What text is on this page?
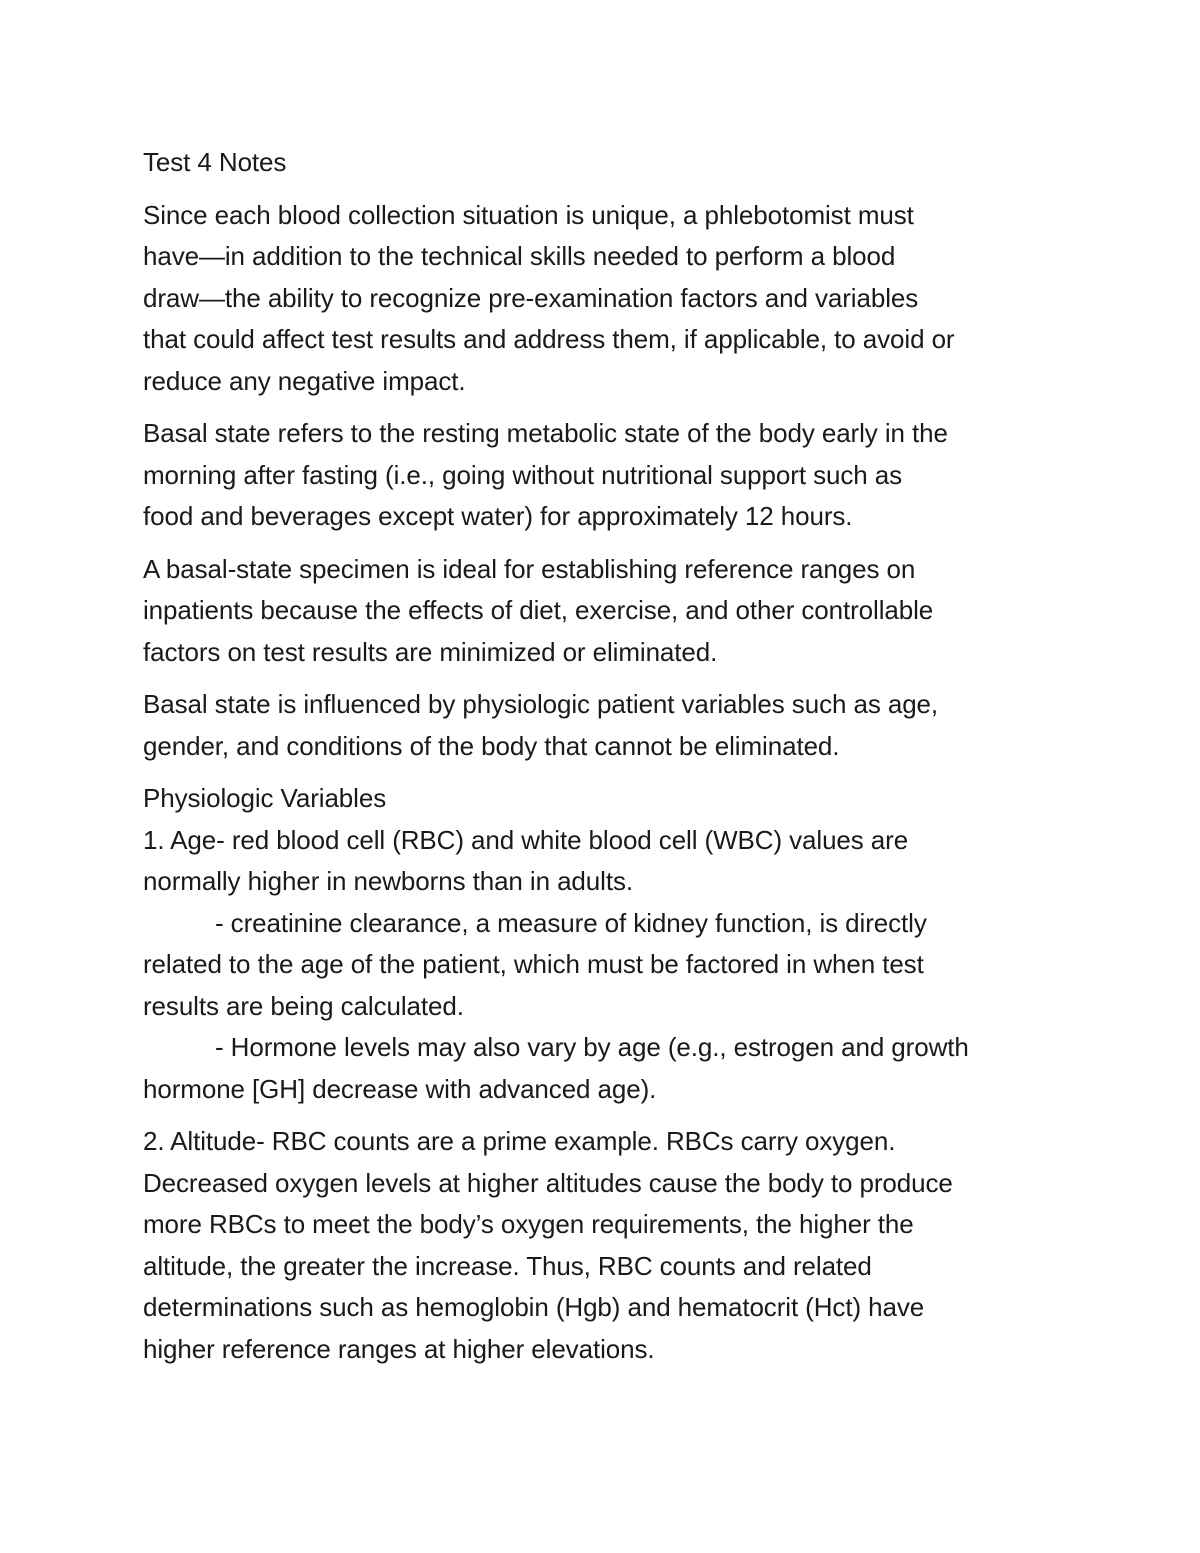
Test 4 Notes
Since each blood collection situation is unique, a phlebotomist must
have—in addition to the technical skills needed to perform a blood
draw—the ability to recognize pre-examination factors and variables
that could affect test results and address them, if applicable, to avoid or
reduce any negative impact.
Basal state refers to the resting metabolic state of the body early in the
morning after fasting (i.e., going without nutritional support such as
food and beverages except water) for approximately 12 hours.
A basal-state specimen is ideal for establishing reference ranges on
inpatients because the effects of diet, exercise, and other controllable
factors on test results are minimized or eliminated.
Basal state is influenced by physiologic patient variables such as age,
gender, and conditions of the body that cannot be eliminated.
Physiologic Variables
1. Age- red blood cell (RBC) and white blood cell (WBC) values are
normally higher in newborns than in adults.
- creatinine clearance, a measure of kidney function, is directly
related to the age of the patient, which must be factored in when test
results are being calculated.
- Hormone levels may also vary by age (e.g., estrogen and growth
hormone [GH] decrease with advanced age).
2. Altitude- RBC counts are a prime example. RBCs carry oxygen.
Decreased oxygen levels at higher altitudes cause the body to produce
more RBCs to meet the body’s oxygen requirements, the higher the
altitude, the greater the increase. Thus, RBC counts and related
determinations such as hemoglobin (Hgb) and hematocrit (Hct) have
higher reference ranges at higher elevations.
